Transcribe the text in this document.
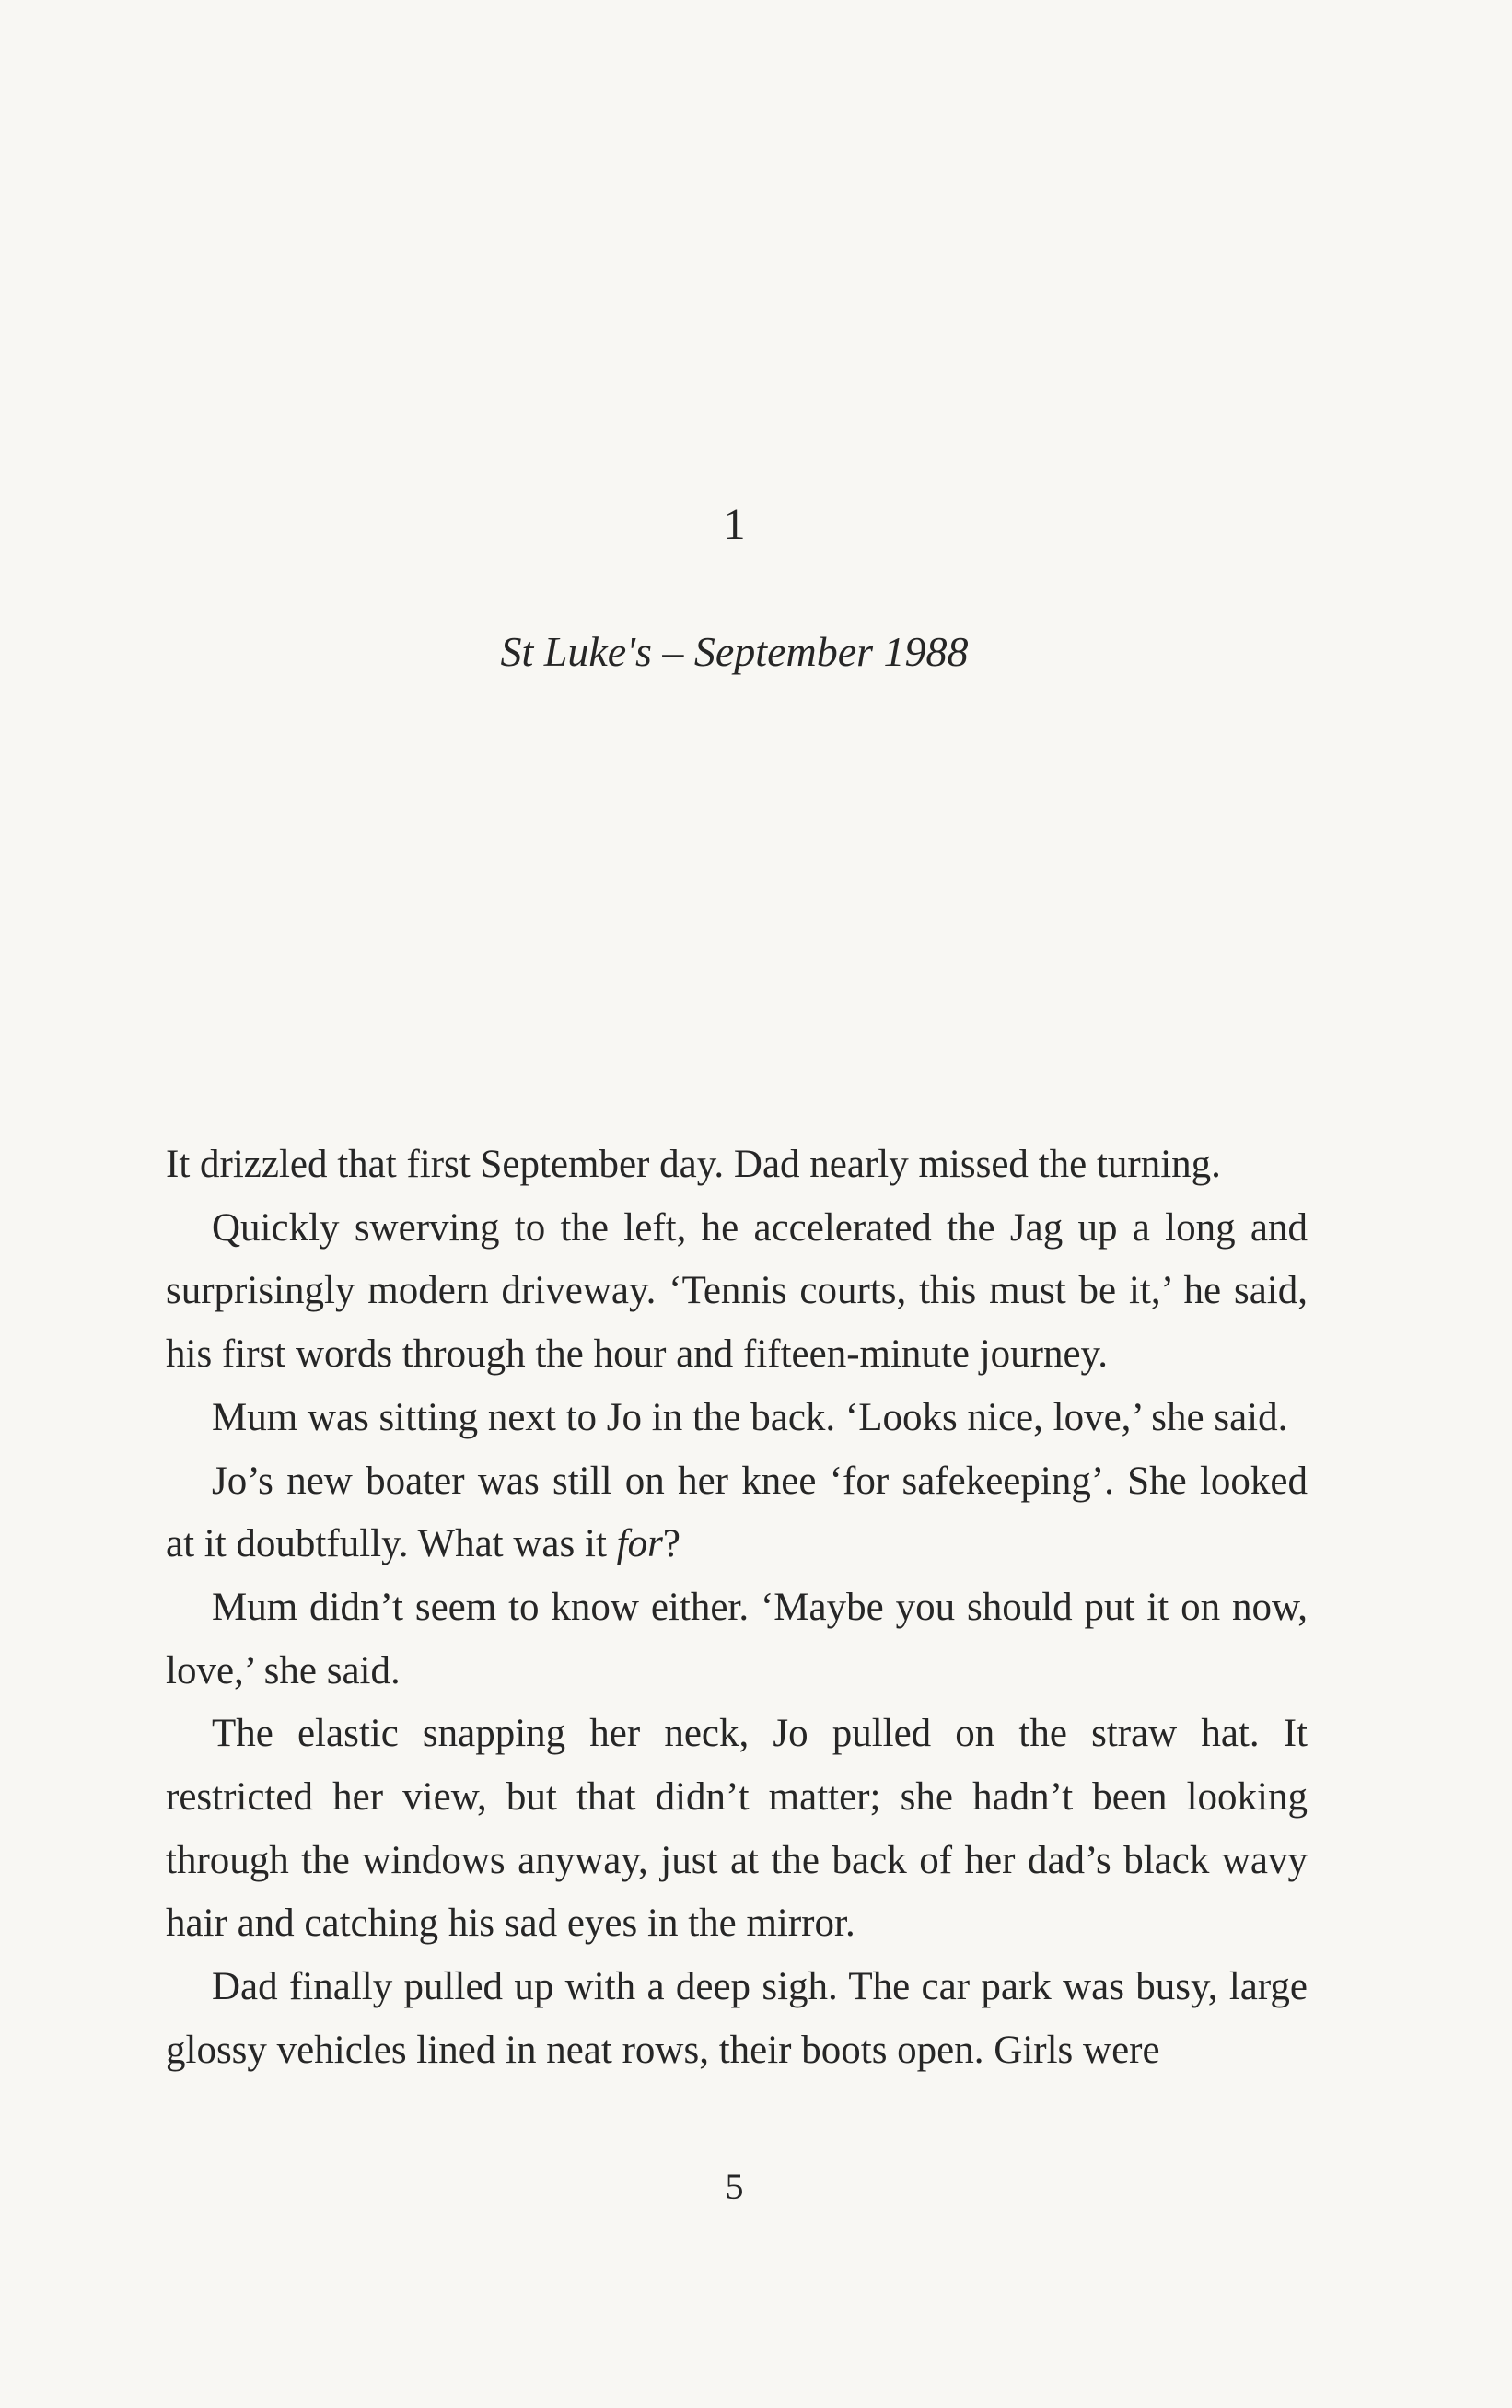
1
St Luke's – September 1988

It drizzled that first September day. Dad nearly missed the turning.

Quickly swerving to the left, he accelerated the Jag up a long and surprisingly modern driveway. ‘Tennis courts, this must be it,’ he said, his first words through the hour and fifteen-minute journey.

Mum was sitting next to Jo in the back. ‘Looks nice, love,’ she said.

Jo’s new boater was still on her knee ‘for safekeeping’. She looked at it doubtfully. What was it for?

Mum didn’t seem to know either. ‘Maybe you should put it on now, love,’ she said.

The elastic snapping her neck, Jo pulled on the straw hat. It restricted her view, but that didn’t matter; she hadn’t been looking through the windows anyway, just at the back of her dad’s black wavy hair and catching his sad eyes in the mirror.

Dad finally pulled up with a deep sigh. The car park was busy, large glossy vehicles lined in neat rows, their boots open. Girls were

5
